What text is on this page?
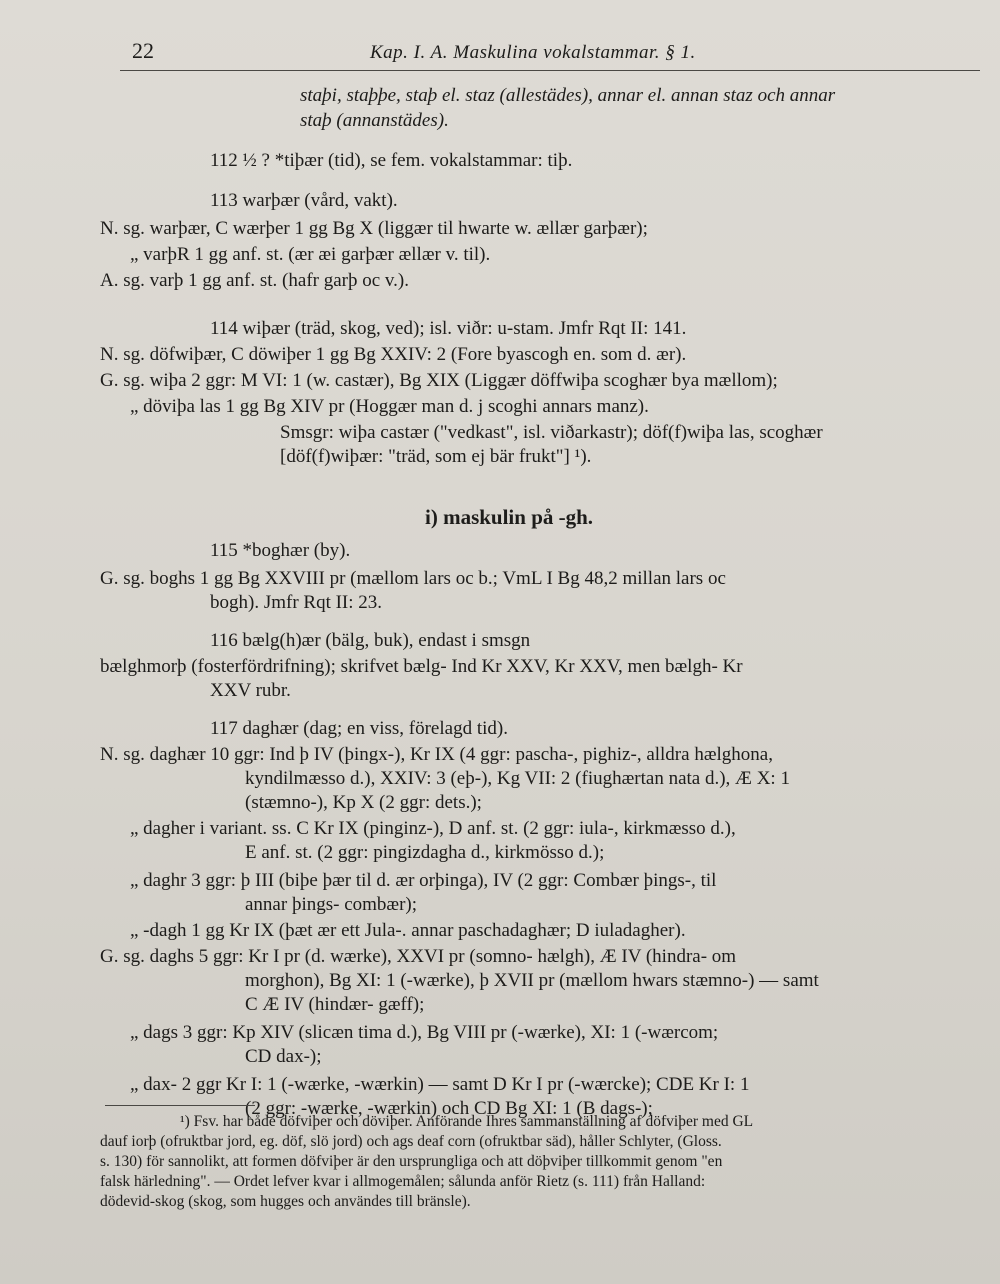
22	Kap. I. A. Maskulina vokalstammar. § 1.
staþi, staþþe, staþ el. staz (allestädes), annar el. annan staz och annar
staþ (annanstädes).
112 ½ ? *tiþær (tid), se fem. vokalstammar: tiþ.
113 warþær (vård, vakt).
N. sg. warþær, C wærþer 1 gg Bg X (liggær til hwarte w. ællær garþær);
„ varþR 1 gg anf. st. (ær æi garþær ællær v. til).
A. sg. varþ 1 gg anf. st. (hafr garþ oc v.).
114 wiþær (träd, skog, ved); isl. viðr: u-stam. Jmfr Rqt II: 141.
N. sg. döfwiþær, C döwiþer 1 gg Bg XXIV: 2 (Fore byascogh en. som d. ær).
G. sg. wiþa 2 ggr: M VI: 1 (w. castær), Bg XIX (Liggær döffwiþa scoghær bya mællom);
„ döviþa las 1 gg Bg XIV pr (Hoggær man d. j scoghi annars manz).
Smsgr: wiþa castær ("vedkast", isl. viðarkastr); döf(f)wiþa las, scoghær
[döf(f)wiþær: "träd, som ej bär frukt"] ¹).
i) maskulin på -gh.
115 *boghær (by).
G. sg. boghs 1 gg Bg XXVIII pr (mællom lars oc b.; VmL I Bg 48,2 millan lars oc
bogh). Jmfr Rqt II: 23.
116 bælg(h)ær (bälg, buk), endast i smsgn
bælghmorþ (fosterfördrifning); skrifvet bælg- Ind Kr XXV, Kr XXV, men bælgh- Kr
XXV rubr.
117 daghær (dag; en viss, förelagd tid).
N. sg. daghær 10 ggr: Ind þ IV (þingx-), Kr IX (4 ggr: pascha-, pighiz-, alldra hælghona,
kyndilmæsso d.), XXIV: 3 (eþ-), Kg VII: 2 (fiughærtan nata d.), Æ X: 1
(stæmno-), Kp X (2 ggr: dets.);
„ dagher i variant. ss. C Kr IX (pinginz-), D anf. st. (2 ggr: iula-, kirkmæsso d.),
E anf. st. (2 ggr: pingizdagha d., kirkmösso d.);
„ daghr 3 ggr: þ III (biþe þær til d. ær orþinga), IV (2 ggr: Combær þings-, til
annar þings- combær);
„ -dagh 1 gg Kr IX (þæt ær ett Jula-. annar paschadaghær; D iuladagher).
G. sg. daghs 5 ggr: Kr I pr (d. wærke), XXVI pr (somno- hælgh), Æ IV (hindra- om
morghon), Bg XI: 1 (-wærke), þ XVII pr (mællom hwars stæmno-) — samt
C Æ IV (hindær- gæff);
„ dags 3 ggr: Kp XIV (slicæn tima d.), Bg VIII pr (-wærke), XI: 1 (-wærcom;
CD dax-);
„ dax- 2 ggr Kr I: 1 (-wærke, -wærkin) — samt D Kr I pr (-wærcke); CDE Kr I: 1
(2 ggr: -wærke, -wærkin) och CD Bg XI: 1 (B dags-);
¹) Fsv. har både döfviþer och döviþer. Anförande Ihres sammanställning af döfviþer med GL
dauf iorþ (ofruktbar jord, eg. döf, slö jord) och ags deaf corn (ofruktbar säd), håller Schlyter, (Gloss.
s. 130) för sannolikt, att formen döfviþer är den ursprungliga och att döþviþer tillkommit genom "en
falsk härledning". — Ordet lefver kvar i allmogemålen; sålunda anför Rietz (s. 111) från Halland:
dödevid-skog (skog, som hugges och användes till bränsle).
